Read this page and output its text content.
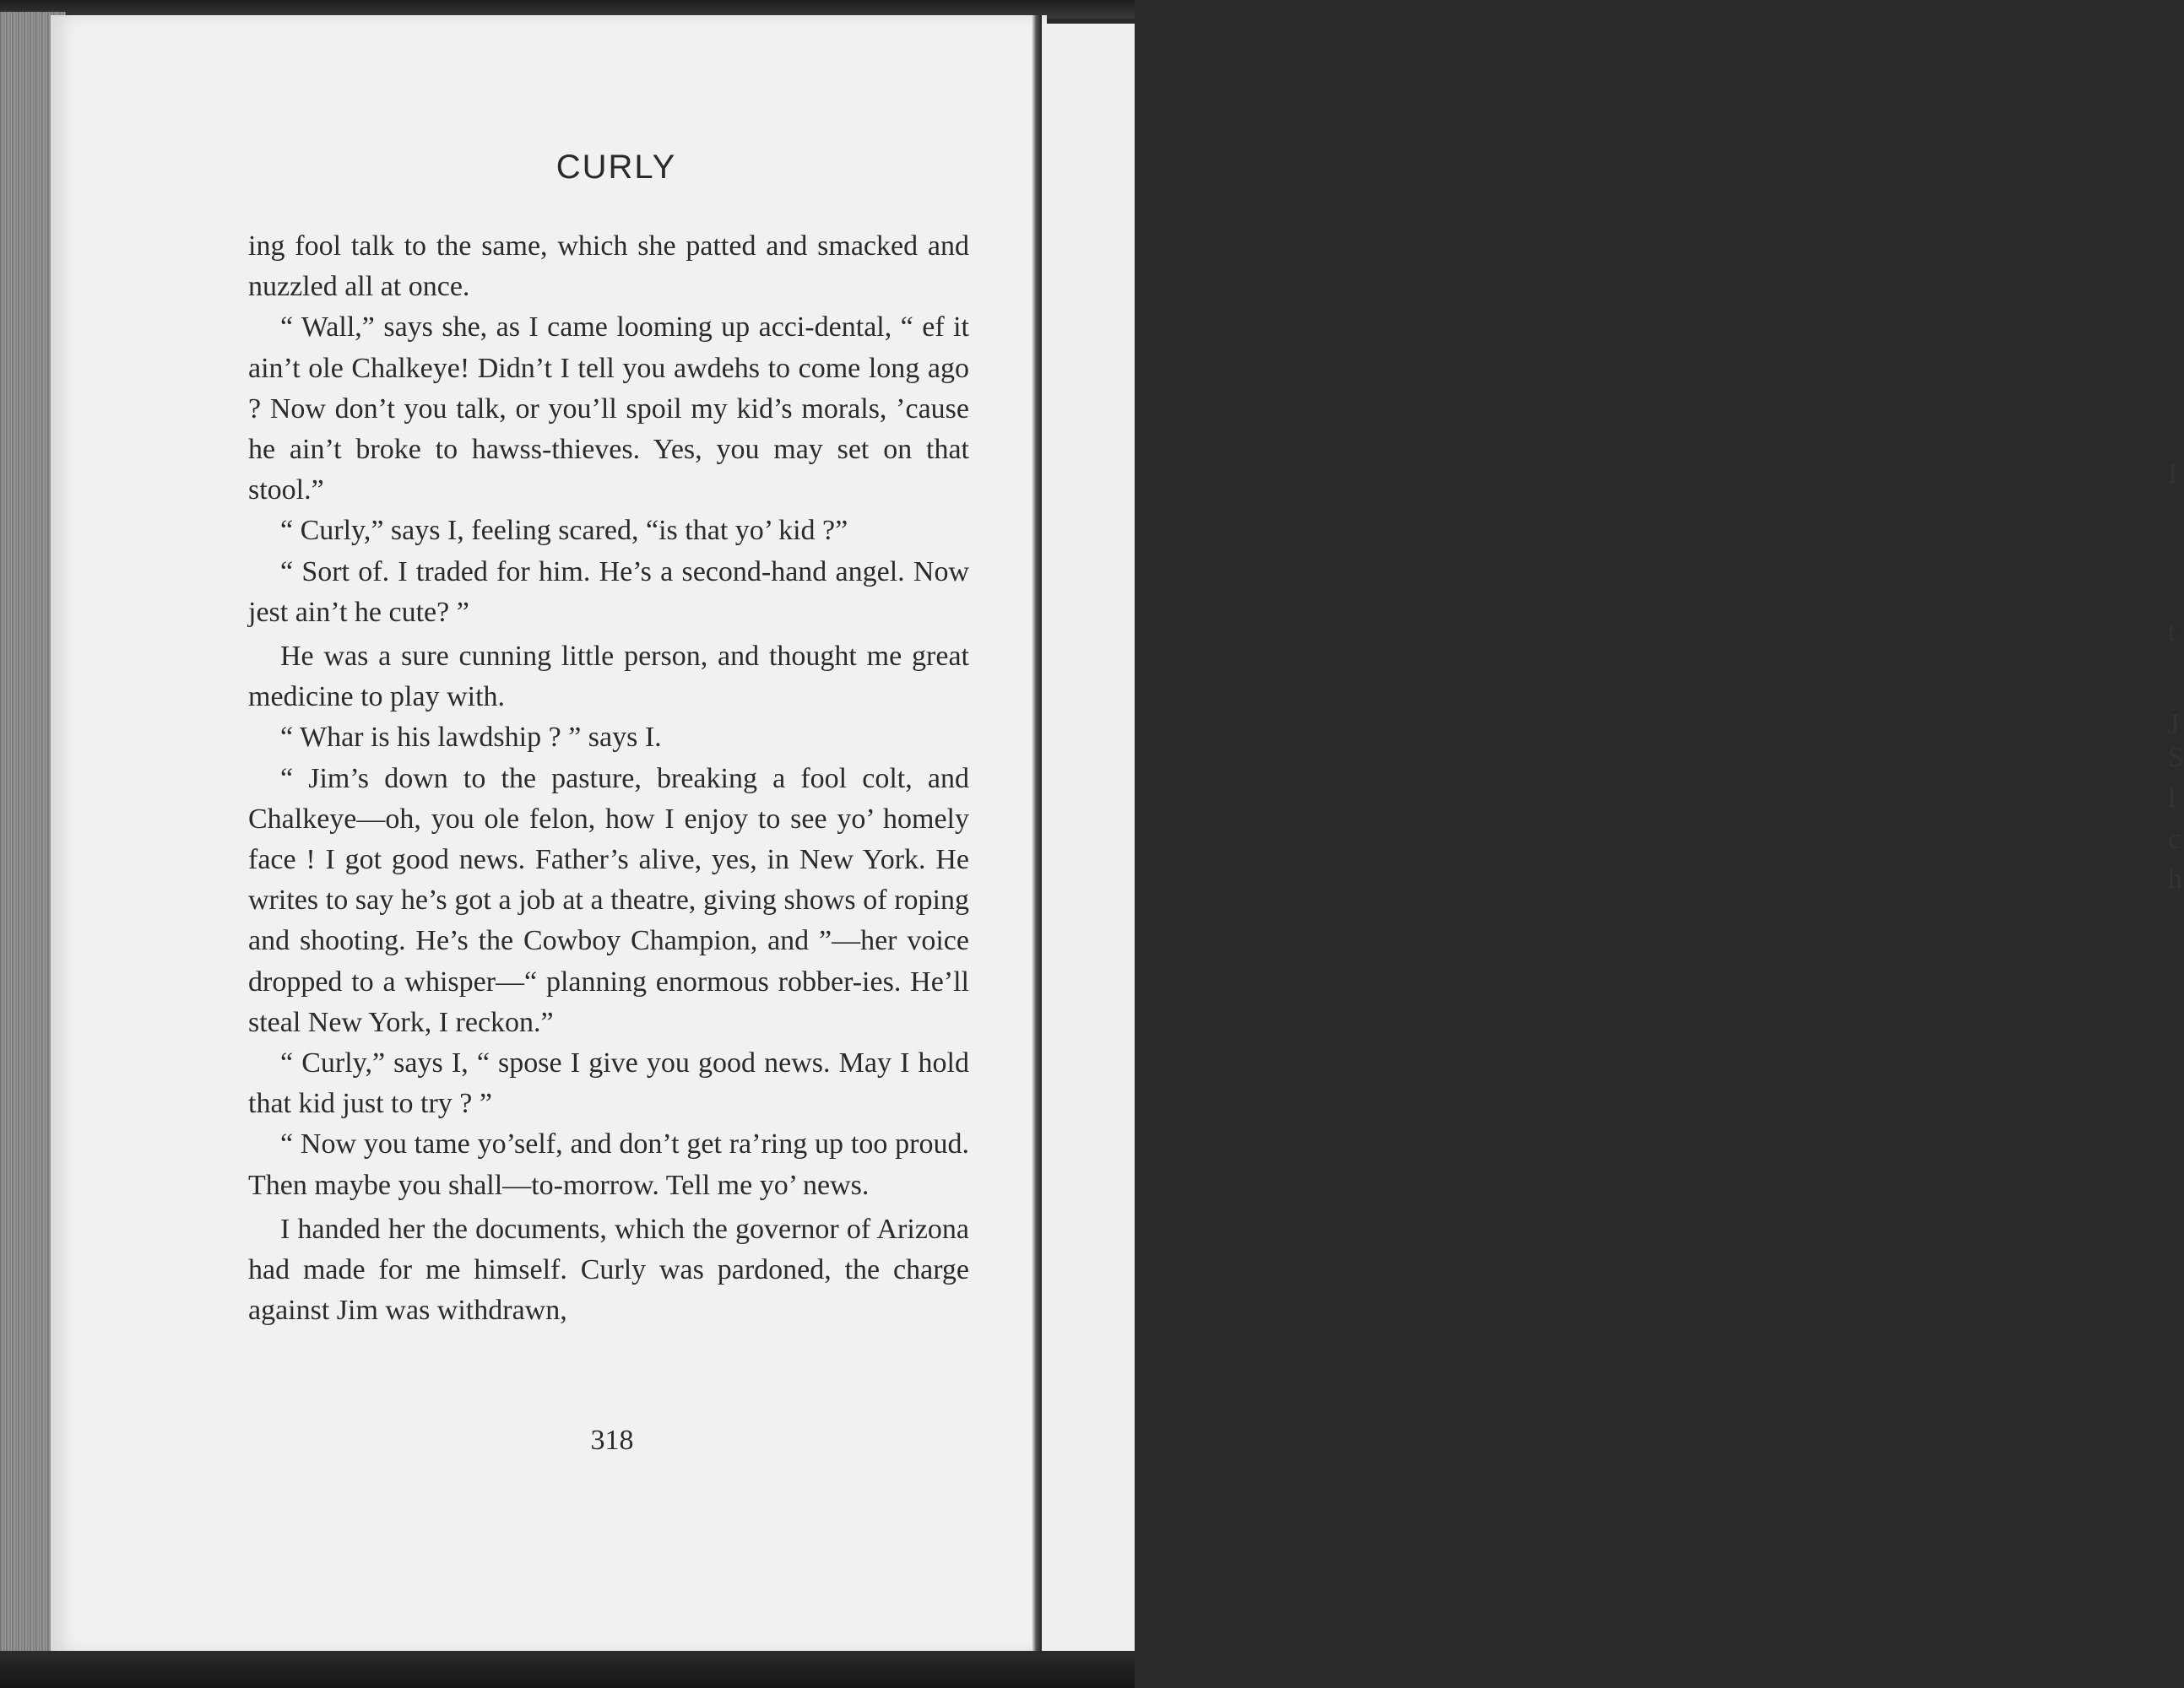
I
t
J
S
l
c
h
CURLY

ing fool talk to the same, which she patted and smacked and nuzzled all at once.

“ Wall,” says she, as I came looming up acci-dental, “ ef it ain’t ole Chalkeye! Didn’t I tell you awdehs to come long ago ? Now don’t you talk, or you’ll spoil my kid’s morals, ’cause he ain’t broke to hawss-thieves. Yes, you may set on that stool.”

“ Curly,” says I, feeling scared, “is that yo’ kid ?”

“ Sort of. I traded for him. He’s a second-hand angel. Now jest ain’t he cute? ”

He was a sure cunning little person, and thought me great medicine to play with.

“ Whar is his lawdship ? ” says I.

“ Jim’s down to the pasture, breaking a fool colt, and Chalkeye—oh, you ole felon, how I enjoy to see yo’ homely face ! I got good news. Father’s alive, yes, in New York. He writes to say he’s got a job at a theatre, giving shows of roping and shooting. He’s the Cowboy Champion, and ”—her voice dropped to a whisper—“ planning enormous robber-ies. He’ll steal New York, I reckon.”

“ Curly,” says I, “ spose I give you good news. May I hold that kid just to try ? ”

“ Now you tame yo’self, and don’t get ra’ring up too proud. Then maybe you shall—to-morrow. Tell me yo’ news.

I handed her the documents, which the governor of Arizona had made for me himself. Curly was pardoned, the charge against Jim was withdrawn,

318
